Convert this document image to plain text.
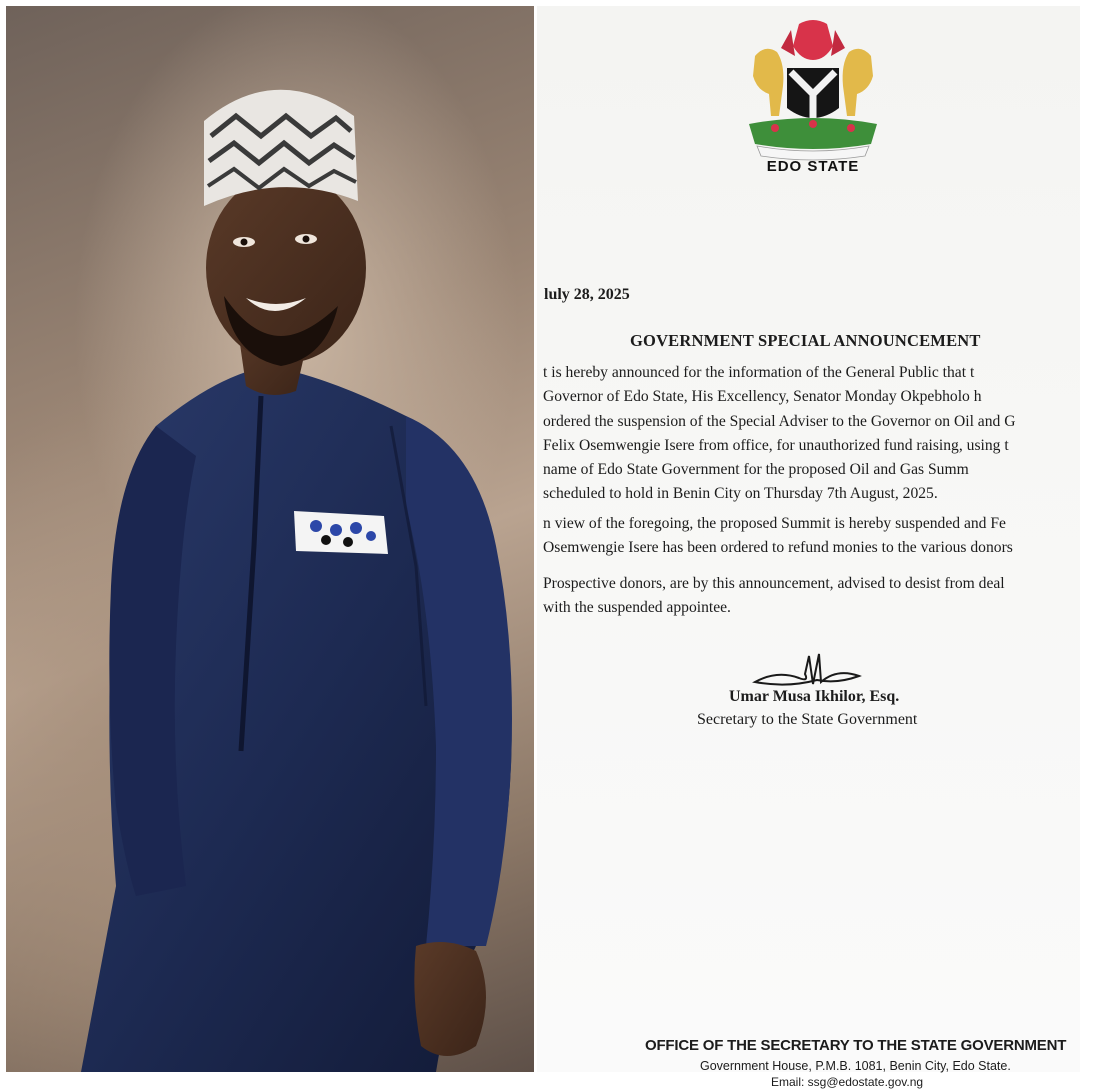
EDO STATE
luly 28, 2025
GOVERNMENT SPECIAL ANNOUNCEMENT
t is hereby announced for the information of the General Public that t
Governor of Edo State, His Excellency, Senator Monday Okpebholo h
ordered the suspension of the Special Adviser to the Governor on Oil and G
Felix Osemwengie Isere from office, for unauthorized fund raising, using t
name of Edo State Government for the proposed Oil and Gas Summ
scheduled to hold in Benin City on Thursday 7th August, 2025.
n view of the foregoing, the proposed Summit is hereby suspended and Fe
Osemwengie Isere has been ordered to refund monies to the various donors
Prospective donors, are by this announcement, advised to desist from deal
with the suspended appointee.
Umar Musa Ikhilor, Esq.
Secretary to the State Government
OFFICE OF THE SECRETARY TO THE STATE GOVERNMENT
Government House, P.M.B. 1081, Benin City, Edo State.
Email: ssg@edostate.gov.ng
